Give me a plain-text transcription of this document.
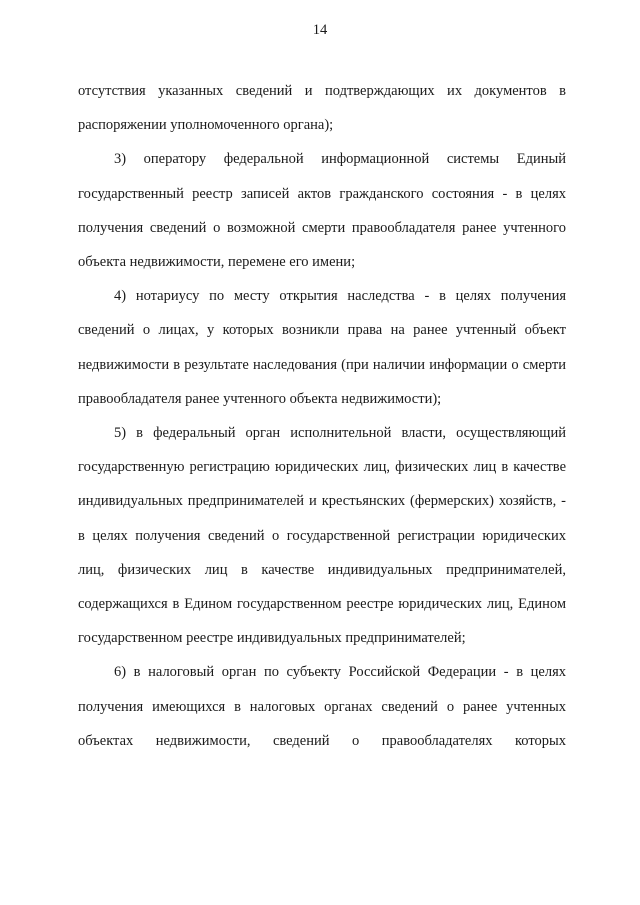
14

отсутствия указанных сведений и подтверждающих их документов в распоряжении уполномоченного органа);

3) оператору федеральной информационной системы Единый государственный реестр записей актов гражданского состояния - в целях получения сведений о возможной смерти правообладателя ранее учтенного объекта недвижимости, перемене его имени;

4) нотариусу по месту открытия наследства - в целях получения сведений о лицах, у которых возникли права на ранее учтенный объект недвижимости в результате наследования (при наличии информации о смерти правообладателя ранее учтенного объекта недвижимости);

5) в федеральный орган исполнительной власти, осуществляющий государственную регистрацию юридических лиц, физических лиц в качестве индивидуальных предпринимателей и крестьянских (фермерских) хозяйств, - в целях получения сведений о государственной регистрации юридических лиц, физических лиц в качестве индивидуальных предпринимателей, содержащихся в Едином государственном реестре юридических лиц, Едином государственном реестре индивидуальных предпринимателей;

6) в налоговый орган по субъекту Российской Федерации - в целях получения имеющихся в налоговых органах сведений о ранее учтенных объектах недвижимости, сведений о правообладателях которых
